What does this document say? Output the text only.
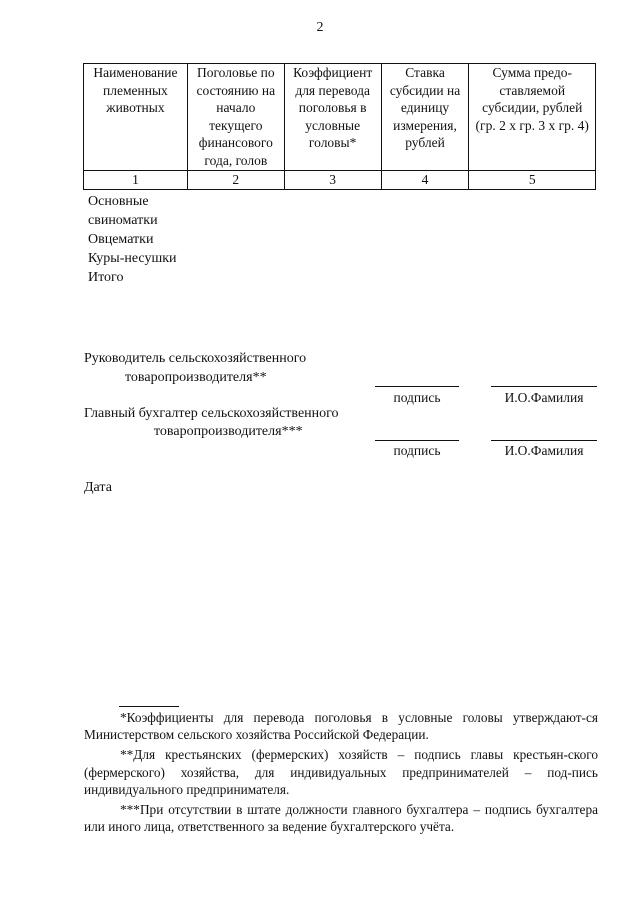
2
Наименование племенных животных	Поголовье по состоянию на начало текущего финансового года, голов	Коэффициент для перевода поголовья в условные головы*	Ставка субсидии на единицу измерения, рублей	Сумма предо-ставляемой субсидии, рублей (гр. 2 х гр. 3 х гр. 4)
1	2	3	4	5
Основные
свиноматки
Овцематки
Куры-несушки
Итого
Руководитель сельскохозяйственного
товаропроизводителя**
подпись	И.О.Фамилия
Главный бухгалтер сельскохозяйственного
товаропроизводителя***
подпись	И.О.Фамилия
Дата

*Коэффициенты для перевода поголовья в условные головы утверждают-ся Министерством сельского хозяйства Российской Федерации.

**Для крестьянских (фермерских) хозяйств – подпись главы крестьян-ского (фермерского) хозяйства, для индивидуальных предпринимателей – под-пись индивидуального предпринимателя.

***При отсутствии в штате должности главного бухгалтера – подпись бухгалтера или иного лица, ответственного за ведение бухгалтерского учёта.
